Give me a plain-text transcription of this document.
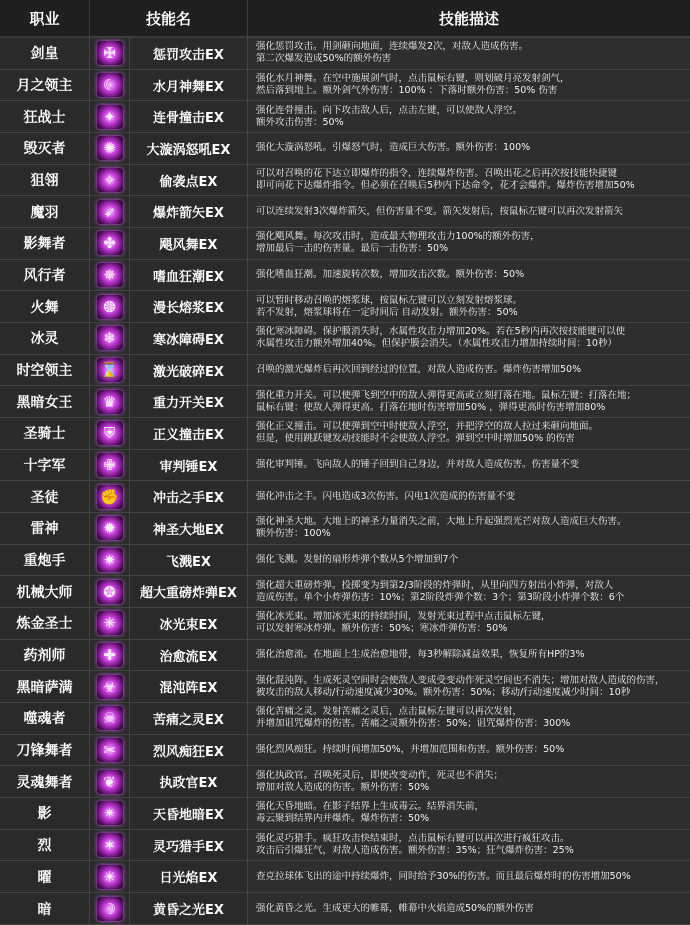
职业	技能名		技能描述
剑皇	✠	惩罚攻击EX	强化惩罚攻击。用剑砸向地面，连续爆发2次，对敌人造成伤害。
第二次爆发造成50%的额外伤害

月之领主	☾	水月神舞EX	强化水月神舞。在空中施展剑气时，点击鼠标右键，则划破月亮发射剑气，
然后落到地上。额外剑气外伤害：100% ：下落时额外伤害：50% 伤害

狂战士	✦	连骨撞击EX	强化连骨撞击。向下攻击敌人后，点击左键，可以使敌人浮空。
额外攻击伤害：50%

毁灭者	✺	大漩涡怒吼EX	强化大漩涡怒吼。引爆怒气时，造成巨大伤害。额外伤害：100%

狙翎	✧	偷袭点EX	可以对召唤的花下达立即爆炸的指令，连续爆炸伤害。召唤出花之后再次按技能快捷键
即可向花下达爆炸指令。但必须在召唤后5秒内下达命令，花才会爆炸。爆炸伤害增加50%

魔羽	➶	爆炸箭矢EX	可以连续发射3次爆炸箭矢，但伤害量不变。箭矢发射后，按鼠标左键可以再次发射箭矢

影舞者	✤	飓风舞EX	强化飓风舞。每次攻击时，造成最大物理攻击力100%的额外伤害，
增加最后一击的伤害量。最后一击伤害：50%

风行者	✵	嗜血狂潮EX	强化嗜血狂潮。加速旋转次数，增加攻击次数。额外伤害：50%

火舞	❂	漫长熔浆EX	可以暂时移动召唤的熔浆球，按鼠标左键可以立刻发射熔浆球。
若不发射，熔浆球将在一定时间后 自动发射。额外伤害：50%

冰灵	❄	寒冰障碍EX	强化寒冰障碍。保护膜消失时，水属性攻击力增加20%。若在5秒内再次按技能键可以使
水属性攻击力额外增加40%。但保护膜会消失。（水属性攻击力增加持续时间：10秒）

时空领主	⌛	激光破碎EX	召唤的激光爆炸后再次回到经过的位置，对敌人造成伤害。爆炸伤害增加50%

黑暗女王	♛	重力开关EX	强化重力开关。可以使弹飞到空中的敌人弹得更高或立刻打落在地。鼠标左键：打落在地；
鼠标右键：使敌人弹得更高。打落在地时伤害增加50% ，弹得更高时伤害增加80%

圣骑士	⛨	正义撞击EX	强化正义撞击。可以使弹到空中时使敌人浮空，并把浮空的敌人拉过来砸向地面。
但是，使用跳跃键发动技能时不会使敌人浮空。弹到空中时增加50% 的伤害

十字军	✙	审判锤EX	强化审判锤。飞向敌人的锤子回到自己身边，并对敌人造成伤害。伤害量不变

圣徒	✊	冲击之手EX	强化冲击之手。闪电造成3次伤害。闪电1次造成的伤害量不变

雷神	✹	神圣大地EX	强化神圣大地。大地上的神圣力量消失之前，大地上升起强烈光芒对敌人造成巨大伤害。
额外伤害：100%

重炮手	✷	飞溅EX	强化飞溅。发射的扇形炸弹个数从5个增加到7个

机械大师	✪	超大重磅炸弹EX	强化超大重磅炸弹。投掷变为到第2/3阶段的炸弹时，从里向四方射出小炸弹，对敌人
造成伤害。单个小炸弹伤害：10%；第2阶段炸弹个数：3个；第3阶段小炸弹个数：6个

炼金圣士	✳	冰光束EX	强化冰光束。增加冰光束的持续时间，发射光束过程中点击鼠标左键，
可以发射寒冰炸弹。额外伤害：50%；寒冰炸弹伤害：50%

药剂师	✚	治愈流EX	强化治愈流。在地面上生成治愈地带，每3秒解除减益效果，恢复所有HP的3%

黑暗萨满	☣	混沌阵EX	强化混沌阵。生成死灵空间时会使敌人变成受变动作死灵空间也不消失；增加对敌人造成的伤害，
被攻击的敌人移动/行动速度减少30%。额外伤害：50%；移动/行动速度减少时间：10秒

噬魂者	☠	苦痛之灵EX	强化苦痛之灵。发射苦痛之灵后，点击鼠标左键可以再次发射，
并增加诅咒爆炸的伤害。苦痛之灵额外伤害：50%；诅咒爆炸伤害：300%

刀锋舞者	✂	烈风痴狂EX	强化烈风痴狂。持续时间增加50%，并增加范围和伤害。额外伤害：50%

灵魂舞者	❦	执政官EX	强化执政官。召唤死灵后，即使改变动作，死灵也不消失；
增加对敌人造成的伤害。额外伤害：50%

影	✴	天昏地暗EX	强化天昏地暗。在影子结界上生成毒云。结界消失前，
毒云聚到结界内并爆炸。爆炸伤害：50%

烈	✶	灵巧猎手EX	强化灵巧猎手。疯狂攻击快结束时，点击鼠标右键可以再次进行疯狂攻击。
攻击后引爆狂气，对敌人造成伤害。额外伤害：35%；狂气爆炸伤害：25%

曜	☀	日光焰EX	查克拉球体飞出的途中持续爆炸，同时给予30%的伤害。而且最后爆炸时的伤害增加50%

暗	☽	黄昏之光EX	强化黄昏之光。生成更大的帷幕，帷幕中火焰造成50%的额外伤害
